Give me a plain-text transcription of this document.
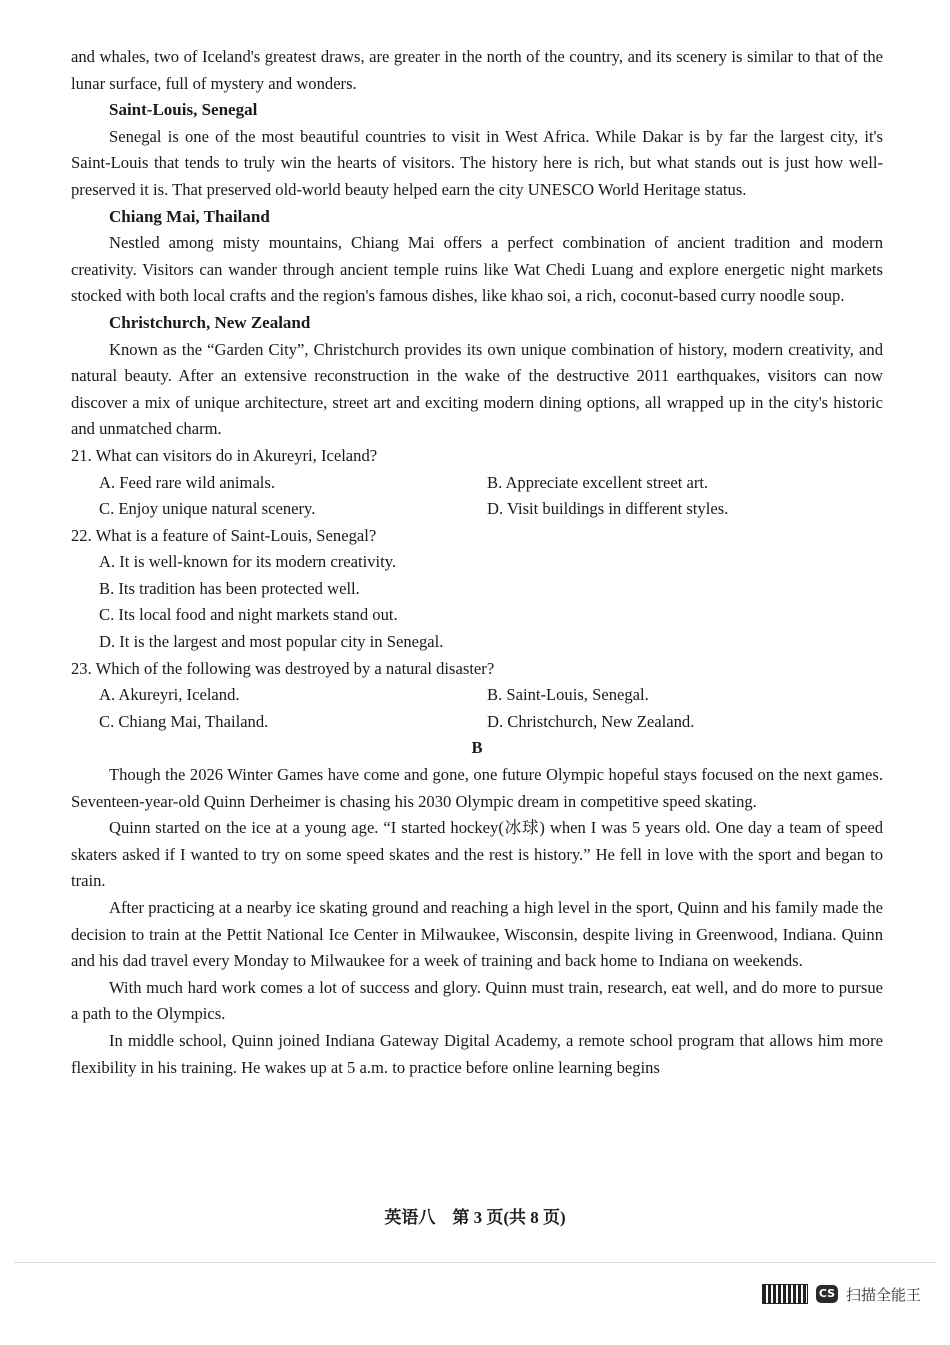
and whales, two of Iceland's greatest draws, are greater in the north of the country, and its scenery is similar to that of the lunar surface, full of mystery and wonders.

Saint-Louis, Senegal

Senegal is one of the most beautiful countries to visit in West Africa. While Dakar is by far the largest city, it's Saint-Louis that tends to truly win the hearts of visitors. The history here is rich, but what stands out is just how well-preserved it is. That preserved old-world beauty helped earn the city UNESCO World Heritage status.

Chiang Mai, Thailand

Nestled among misty mountains, Chiang Mai offers a perfect combination of ancient tradition and modern creativity. Visitors can wander through ancient temple ruins like Wat Chedi Luang and explore energetic night markets stocked with both local crafts and the region's famous dishes, like khao soi, a rich, coconut-based curry noodle soup.

Christchurch, New Zealand

Known as the “Garden City”, Christchurch provides its own unique combination of history, modern creativity, and natural beauty. After an extensive reconstruction in the wake of the destructive 2011 earthquakes, visitors can now discover a mix of unique architecture, street art and exciting modern dining options, all wrapped up in the city's historic and unmatched charm.

21. What can visitors do in Akureyri, Iceland?

A. Feed rare wild animals.	B. Appreciate excellent street art.
C. Enjoy unique natural scenery.	D. Visit buildings in different styles.

22. What is a feature of Saint-Louis, Senegal?

A. It is well-known for its modern creativity.
B. Its tradition has been protected well.
C. Its local food and night markets stand out.
D. It is the largest and most popular city in Senegal.

23. Which of the following was destroyed by a natural disaster?

A. Akureyri, Iceland.	B. Saint-Louis, Senegal.
C. Chiang Mai, Thailand.	D. Christchurch, New Zealand.

B

Though the 2026 Winter Games have come and gone, one future Olympic hopeful stays focused on the next games. Seventeen-year-old Quinn Derheimer is chasing his 2030 Olympic dream in competitive speed skating.

Quinn started on the ice at a young age. “I started hockey(冰球) when I was 5 years old. One day a team of speed skaters asked if I wanted to try on some speed skates and the rest is history.” He fell in love with the sport and began to train.

After practicing at a nearby ice skating ground and reaching a high level in the sport, Quinn and his family made the decision to train at the Pettit National Ice Center in Milwaukee, Wisconsin, despite living in Greenwood, Indiana. Quinn and his dad travel every Monday to Milwaukee for a week of training and back home to Indiana on weekends.

With much hard work comes a lot of success and glory. Quinn must train, research, eat well, and do more to pursue a path to the Olympics.

In middle school, Quinn joined Indiana Gateway Digital Academy, a remote school program that allows him more flexibility in his training. He wakes up at 5 a.m. to practice before online learning begins

英语八　第 3 页(共 8 页)
CS 扫描全能王
